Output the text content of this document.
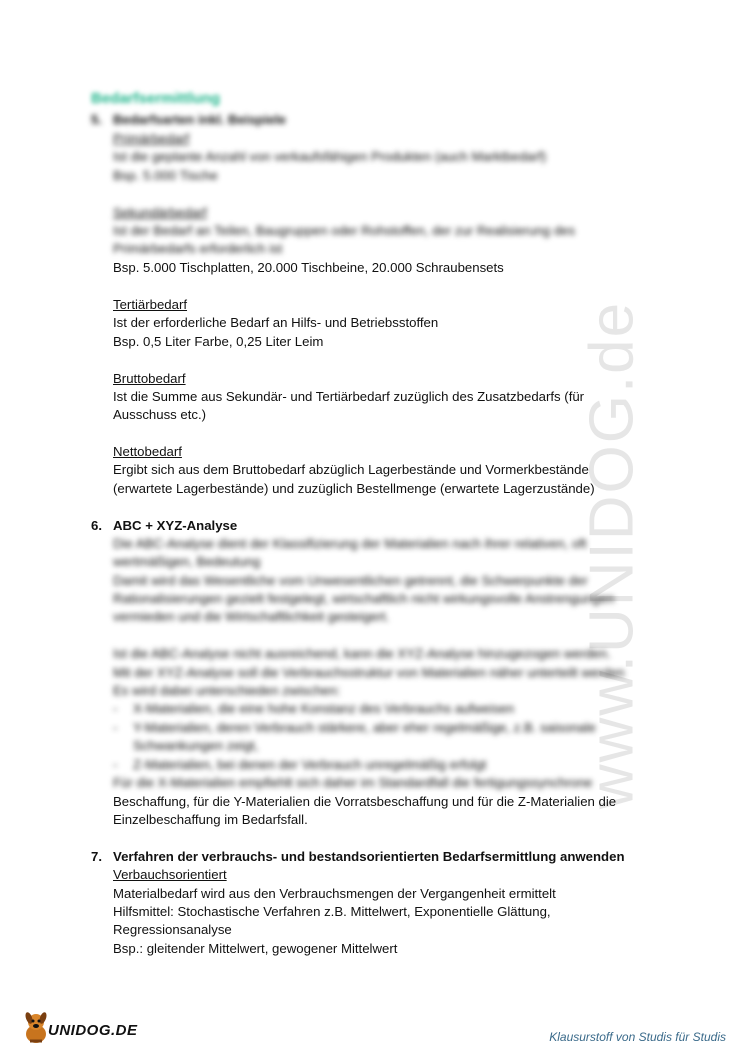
www.UNIDOG.de
Bedarfsermittlung
5. Bedarfsarten inkl. Beispiele
Primärbedarf
Ist die geplante Anzahl von verkaufsfähigen Produkten (auch Marktbedarf)
Bsp. 5.000 Tische
Sekundärbedarf
Ist der Bedarf an Teilen, Baugruppen oder Rohstoffen, der zur Realisierung des
Primärbedarfs erforderlich ist
Bsp. 5.000 Tischplatten, 20.000 Tischbeine, 20.000 Schraubensets
Tertiärbedarf
Ist der erforderliche Bedarf an Hilfs- und Betriebsstoffen
Bsp. 0,5 Liter Farbe, 0,25 Liter Leim
Bruttobedarf
Ist die Summe aus Sekundär- und Tertiärbedarf zuzüglich des Zusatzbedarfs (für
Ausschuss etc.)
Nettobedarf
Ergibt sich aus dem Bruttobedarf abzüglich Lagerbestände und Vormerkbestände
(erwartete Lagerbestände) und zuzüglich Bestellmenge (erwartete Lagerzustände)
6. ABC + XYZ-Analyse
Die ABC-Analyse dient der Klassifizierung der Materialien nach ihrer relativen, oft
wertmäßigen, Bedeutung
Damit wird das Wesentliche vom Unwesentlichen getrennt, die Schwerpunkte der
Rationalisierungen gezielt festgelegt, wirtschaftlich nicht wirkungsvolle Anstrengungen
vermieden und die Wirtschaftlichkeit gesteigert.
Ist die ABC-Analyse nicht ausreichend, kann die XYZ-Analyse hinzugezogen werden.
Mit der XYZ-Analyse soll die Verbrauchsstruktur von Materialien näher unterteilt werden
Es wird dabei unterschieden zwischen:
- X-Materialien, die eine hohe Konstanz des Verbrauchs aufweisen
- Y-Materialien, deren Verbrauch stärkere, aber eher regelmäßige, z.B. saisonale
Schwankungen zeigt,
- Z-Materialien, bei denen der Verbrauch unregelmäßig erfolgt
Für die X-Materialien empfiehlt sich daher im Standardfall die fertigungssynchrone
Beschaffung, für die Y-Materialien die Vorratsbeschaffung und für die Z-Materialien die
Einzelbeschaffung im Bedarfsfall.
7. Verfahren der verbrauchs- und bestandsorientierten Bedarfsermittlung anwenden
Verbauchsorientiert
Materialbedarf wird aus den Verbrauchsmengen der Vergangenheit ermittelt
Hilfsmittel: Stochastische Verfahren z.B. Mittelwert, Exponentielle Glättung,
Regressionsanalyse
Bsp.: gleitender Mittelwert, gewogener Mittelwert
UNIDOG.DE	Klausurstoff von Studis für Studis
